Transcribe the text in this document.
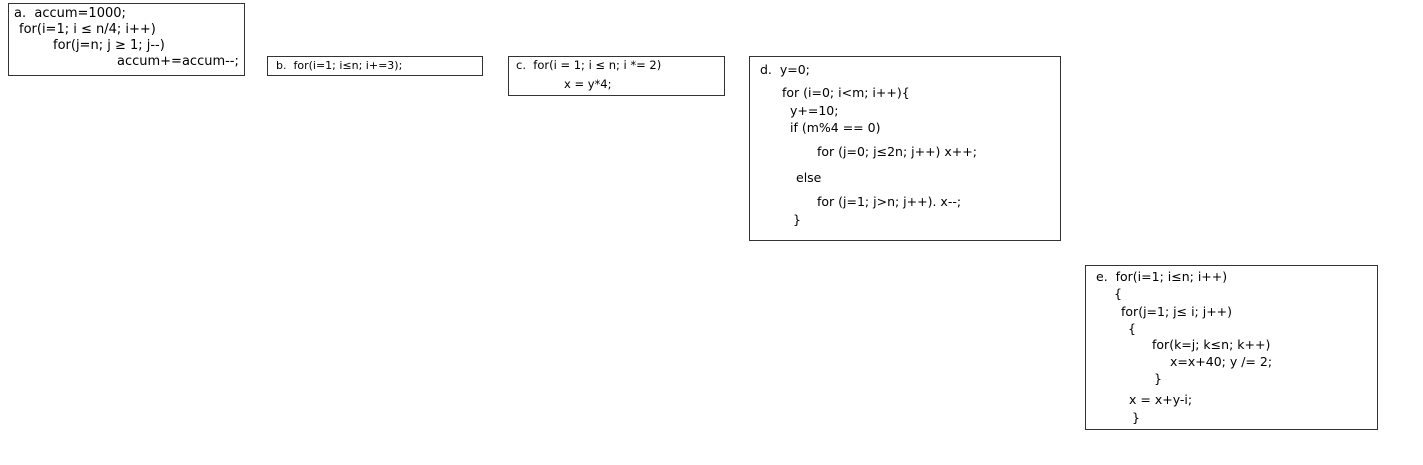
a.  accum=1000;
for(i=1; i ≤ n/4; i++)
for(j=n; j ≥ 1; j--)
accum+=accum--;	b.  for(i=1; i≤n; i+=3);	c.  for(i = 1; i ≤ n; i *= 2)
x = y*4;
d.  y=0;
for (i=0; i<m; i++){
y+=10;
if (m%4 == 0)
for (j=0; j≤2n; j++) x++;
else
for (j=1; j>n; j++). x--;
}
e.  for(i=1; i≤n; i++)
{
for(j=1; j≤ i; j++)
{
for(k=j; k≤n; k++)
x=x+40; y /= 2;
}
x = x+y-i;
}
